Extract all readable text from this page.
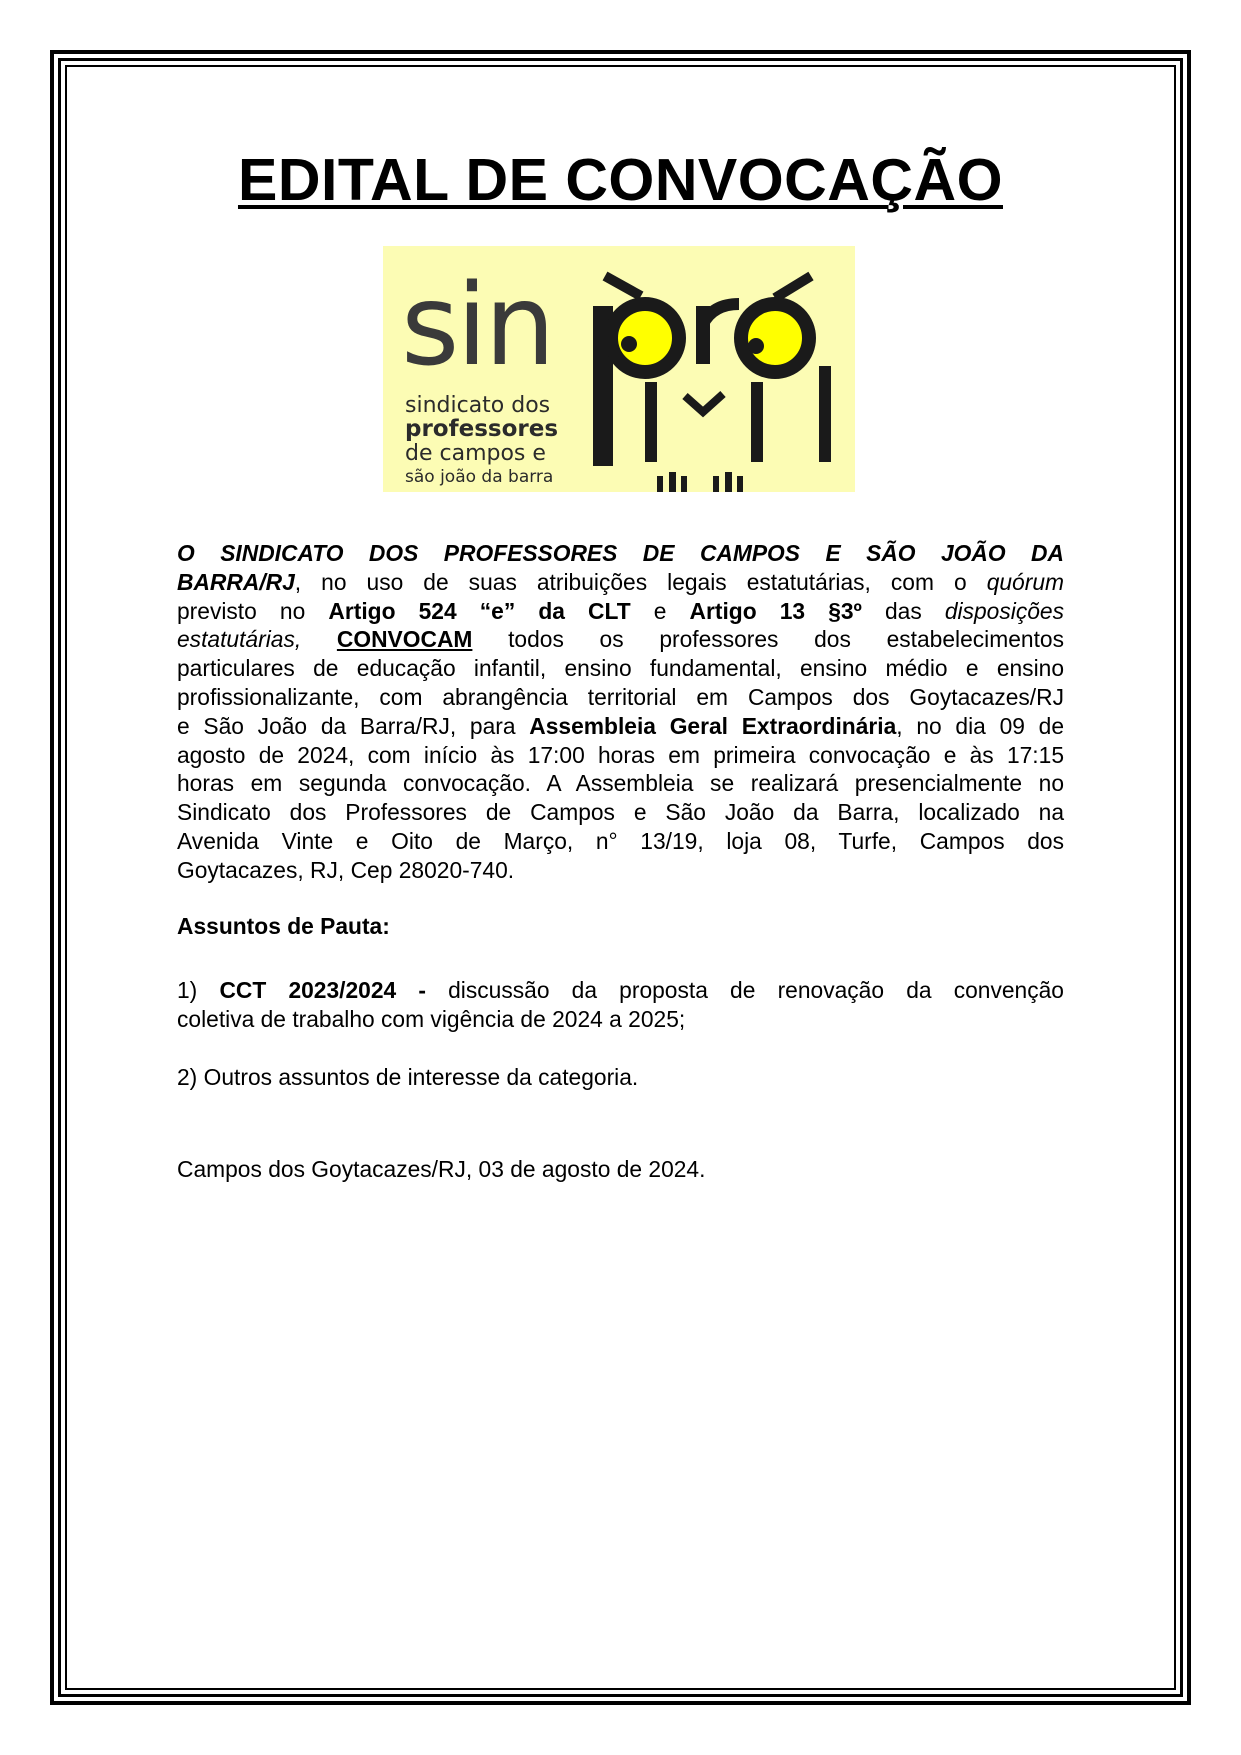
EDITAL DE CONVOCAÇÃO
sin
sindicato dos
professores
de campos e
são joão da barra
O SINDICATO DOS PROFESSORES DE CAMPOS E SÃO JOÃO DA
BARRA/RJ, no uso de suas atribuições legais estatutárias, com o quórum
previsto no Artigo 524 “e” da CLT e Artigo 13 §3º das disposições
estatutárias, CONVOCAM todos os professores dos estabelecimentos
particulares de educação infantil, ensino fundamental, ensino médio e ensino
profissionalizante, com abrangência territorial em Campos dos Goytacazes/RJ
e São João da Barra/RJ, para Assembleia Geral Extraordinária, no dia 09 de
agosto de 2024, com início às 17:00 horas em primeira convocação e às 17:15
horas em segunda convocação. A Assembleia se realizará presencialmente no
Sindicato dos Professores de Campos e São João da Barra, localizado na
Avenida Vinte e Oito de Março, n° 13/19, loja 08, Turfe, Campos dos
Goytacazes, RJ, Cep 28020-740.
Assuntos de Pauta:
1) CCT 2023/2024 - discussão da proposta de renovação da convenção
coletiva de trabalho com vigência de 2024 a 2025;
2) Outros assuntos de interesse da categoria.
Campos dos Goytacazes/RJ, 03 de agosto de 2024.
